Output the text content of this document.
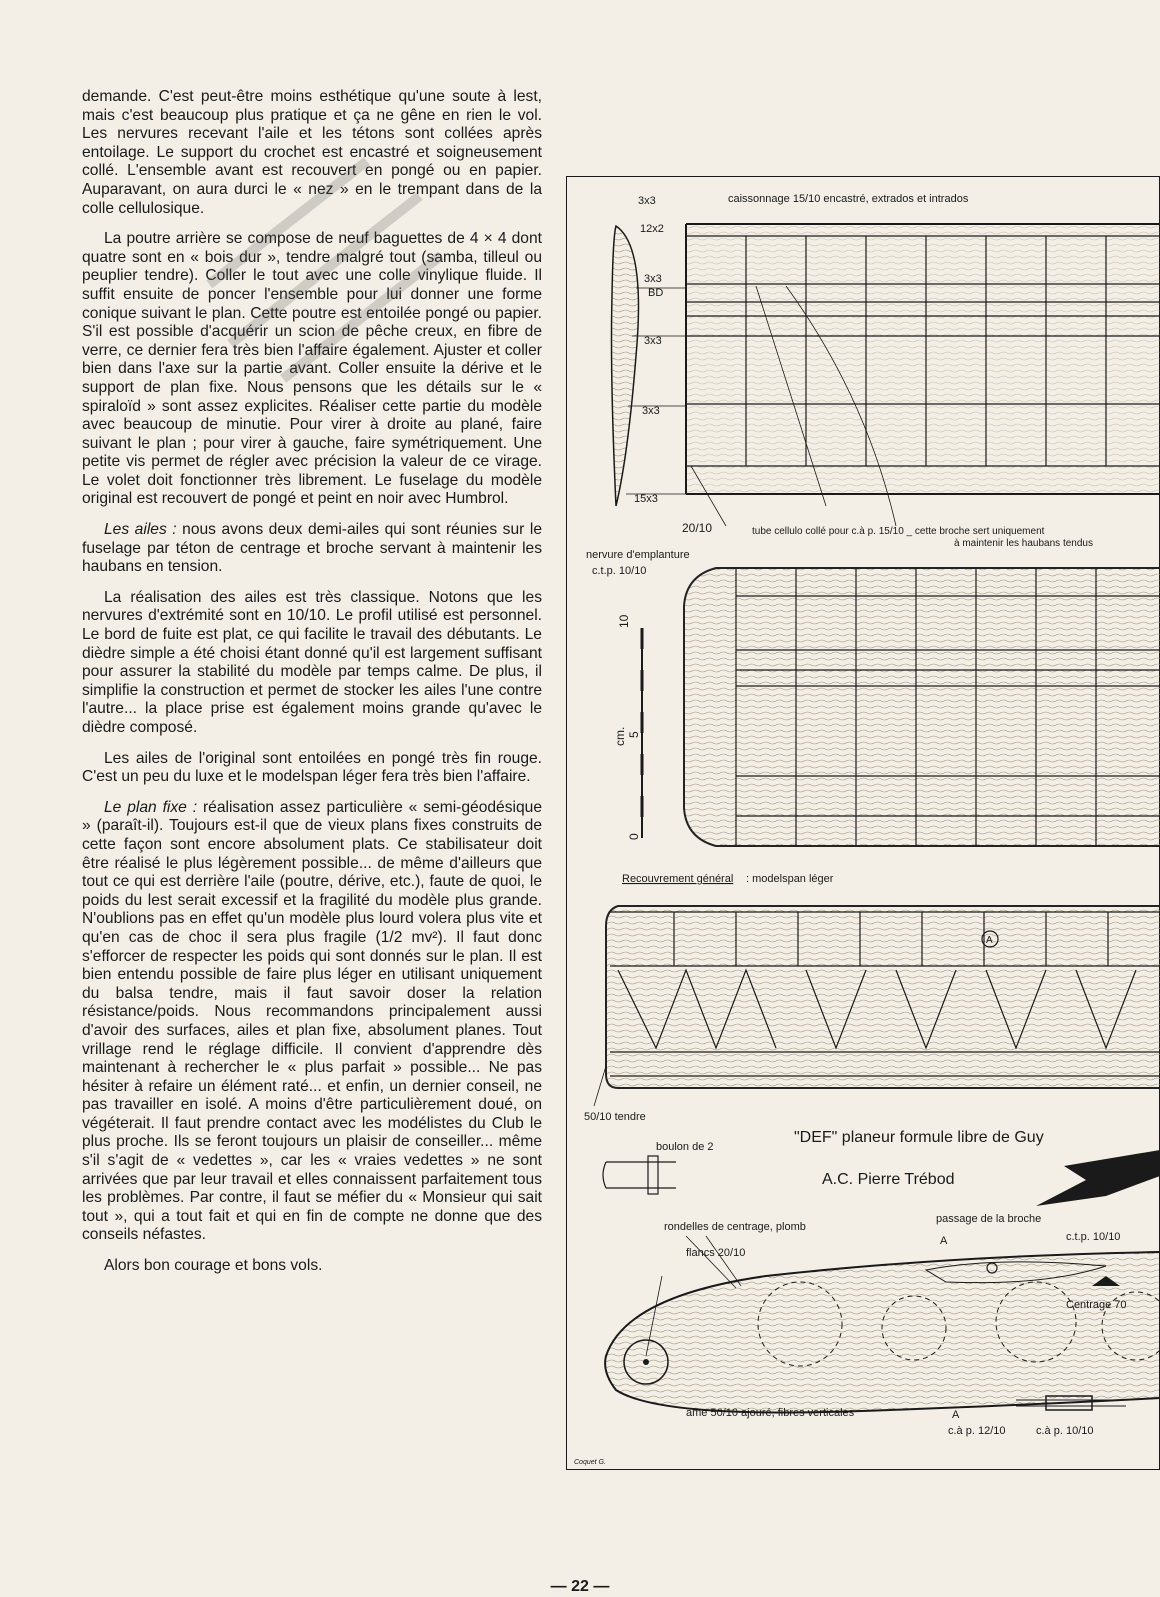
demande. C'est peut-être moins esthétique qu'une soute à lest, mais c'est beaucoup plus pratique et ça ne gêne en rien le vol. Les nervures recevant l'aile et les tétons sont collées après entoilage. Le support du crochet est encastré et soigneusement collé. L'ensemble avant est recouvert en pongé ou en papier. Auparavant, on aura durci le « nez » en le trempant dans de la colle cellulosique.

La poutre arrière se compose de neuf baguettes de 4 × 4 dont quatre sont en « bois dur », tendre malgré tout (samba, tilleul ou peuplier tendre). Coller le tout avec une colle vinylique fluide. Il suffit ensuite de poncer l'ensemble pour lui donner une forme conique suivant le plan. Cette poutre est entoilée pongé ou papier. S'il est possible d'acquérir un scion de pêche creux, en fibre de verre, ce dernier fera très bien l'affaire également. Ajuster et coller bien dans l'axe sur la partie avant. Coller ensuite la dérive et le support de plan fixe. Nous pensons que les détails sur le « spiraloïd » sont assez explicites. Réaliser cette partie du modèle avec beaucoup de minutie. Pour virer à droite au plané, faire suivant le plan ; pour virer à gauche, faire symétriquement. Une petite vis permet de régler avec précision la valeur de ce virage. Le volet doit fonctionner très librement. Le fuselage du modèle original est recouvert de pongé et peint en noir avec Humbrol.

Les ailes : nous avons deux demi-ailes qui sont réunies sur le fuselage par téton de centrage et broche servant à maintenir les haubans en tension.

La réalisation des ailes est très classique. Notons que les nervures d'extrémité sont en 10/10. Le profil utilisé est personnel. Le bord de fuite est plat, ce qui facilite le travail des débutants. Le dièdre simple a été choisi étant donné qu'il est largement suffisant pour assurer la stabilité du modèle par temps calme. De plus, il simplifie la construction et permet de stocker les ailes l'une contre l'autre... la place prise est également moins grande qu'avec le dièdre composé.

Les ailes de l'original sont entoilées en pongé très fin rouge. C'est un peu du luxe et le modelspan léger fera très bien l'affaire.

Le plan fixe : réalisation assez particulière « semi-géodésique » (paraît-il). Toujours est-il que de vieux plans fixes construits de cette façon sont encore absolument plats. Ce stabilisateur doit être réalisé le plus légèrement possible... de même d'ailleurs que tout ce qui est derrière l'aile (poutre, dérive, etc.), faute de quoi, le poids du lest serait excessif et la fragilité du modèle plus grande. N'oublions pas en effet qu'un modèle plus lourd volera plus vite et qu'en cas de choc il sera plus fragile (1/2 mv²). Il faut donc s'efforcer de respecter les poids qui sont donnés sur le plan. Il est bien entendu possible de faire plus léger en utilisant uniquement du balsa tendre, mais il faut savoir doser la relation résistance/poids. Nous recommandons principalement aussi d'avoir des surfaces, ailes et plan fixe, absolument planes. Tout vrillage rend le réglage difficile. Il convient d'apprendre dès maintenant à rechercher le « plus parfait » possible... Ne pas hésiter à refaire un élément raté... et enfin, un dernier conseil, ne pas travailler en isolé. A moins d'être particulièrement doué, on végéterait. Il faut prendre contact avec les modélistes du Club le plus proche. Ils se feront toujours un plaisir de conseiller... même s'il s'agit de « vedettes », car les « vraies vedettes » ne sont arrivées que par leur travail et elles connaissent parfaitement tous les problèmes. Par contre, il faut se méfier du « Monsieur qui sait tout », qui a tout fait et qui en fin de compte ne donne que des conseils néfastes.

Alors bon courage et bons vols.

3x3	caissonnage 15/10 encastré, extrados et intrados
12x2
3x3
BD
3x3
3x3
15x3
20/10	tube cellulo collé pour c.à p. 15/10 _ cette broche sert uniquement
à maintenir les haubans tendus
nervure d'emplanture
c.t.p. 10/10
10
cm. 5
0
Recouvrement général : modelspan léger
A
50/10 tendre
"DEF" planeur formule libre de Guy
A.C. Pierre Trébod
boulon de 2
rondelles de centrage, plomb
passage de la broche
c.t.p. 10/10
flancs 20/10
A
Centrage 70
âme 50/10 ajouré, fibres verticales	A
c.à p. 12/10	c.à p. 10/10
Coquet G.
— 22 —
